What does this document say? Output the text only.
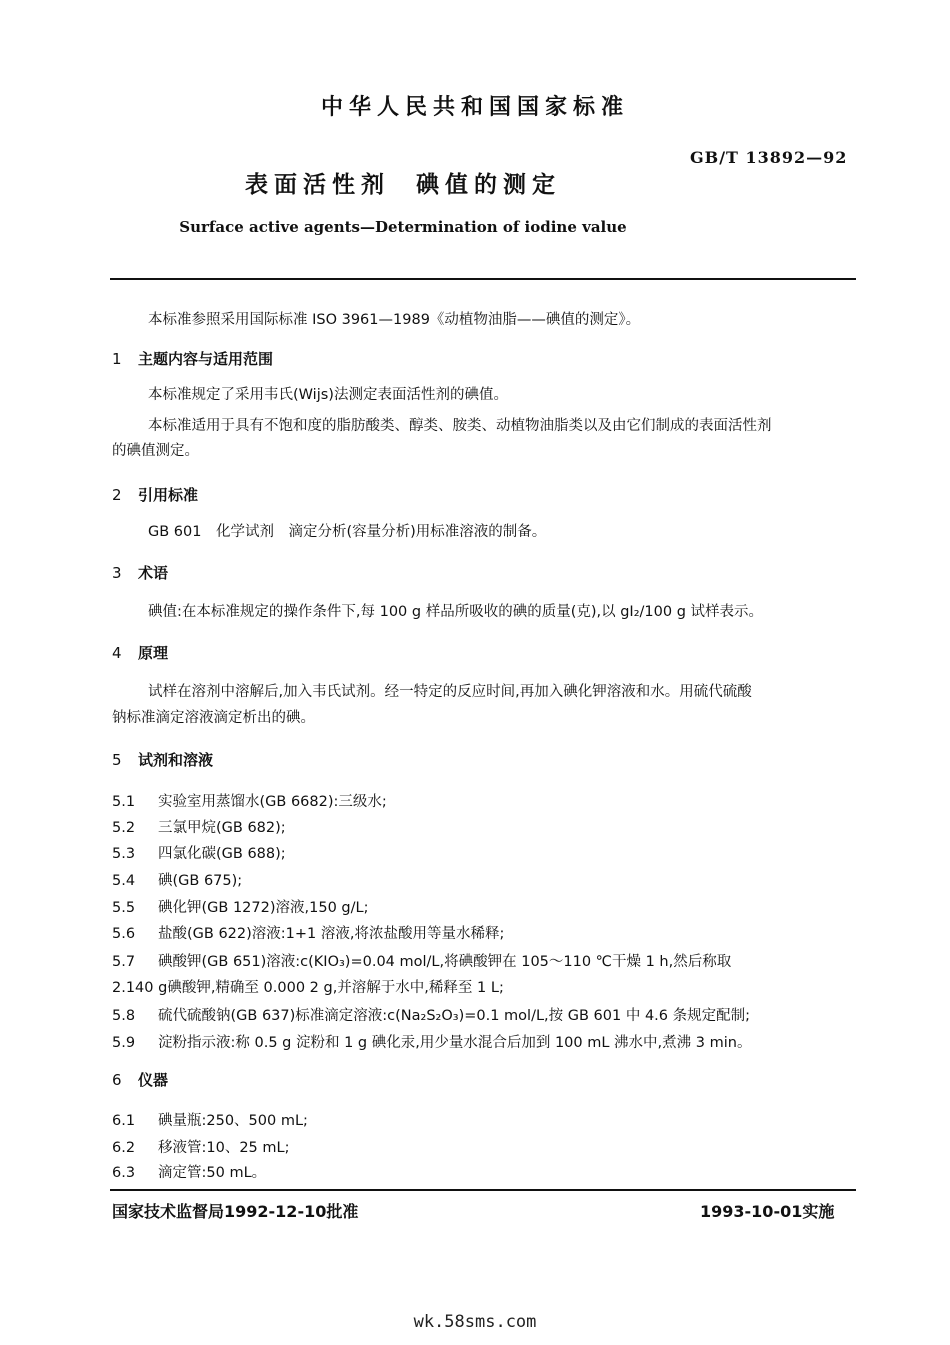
中华人民共和国国家标准
GB/T 13892—92
表面活性剂 碘值的测定
Surface active agents—Determination of iodine value
本标准参照采用国际标准 ISO 3961—1989《动植物油脂——碘值的测定》。
1 主题内容与适用范围
本标准规定了采用韦氏(Wijs)法测定表面活性剂的碘值。
本标准适用于具有不饱和度的脂肪酸类、醇类、胺类、动植物油脂类以及由它们制成的表面活性剂
的碘值测定。
2 引用标准
GB 601　化学试剂　滴定分析(容量分析)用标准溶液的制备。
3 术语
碘值:在本标准规定的操作条件下,每 100 g 样品所吸收的碘的质量(克),以 gI₂/100 g 试样表示。
4 原理
试样在溶剂中溶解后,加入韦氏试剂。经一特定的反应时间,再加入碘化钾溶液和水。用硫代硫酸
钠标准滴定溶液滴定析出的碘。
5 试剂和溶液
5.1 实验室用蒸馏水(GB 6682):三级水;
5.2 三氯甲烷(GB 682);
5.3 四氯化碳(GB 688);
5.4 碘(GB 675);
5.5 碘化钾(GB 1272)溶液,150 g/L;
5.6 盐酸(GB 622)溶液:1+1 溶液,将浓盐酸用等量水稀释;
5.7 碘酸钾(GB 651)溶液:c(KIO₃)=0.04 mol/L,将碘酸钾在 105～110 ℃干燥 1 h,然后称取
2.140 g碘酸钾,精确至 0.000 2 g,并溶解于水中,稀释至 1 L;
5.8 硫代硫酸钠(GB 637)标准滴定溶液:c(Na₂S₂O₃)=0.1 mol/L,按 GB 601 中 4.6 条规定配制;
5.9 淀粉指示液:称 0.5 g 淀粉和 1 g 碘化汞,用少量水混合后加到 100 mL 沸水中,煮沸 3 min。
6 仪器
6.1 碘量瓶:250、500 mL;
6.2 移液管:10、25 mL;
6.3 滴定管:50 mL。
国家技术监督局1992-12-10批准	1993-10-01实施
wk.58sms.com
